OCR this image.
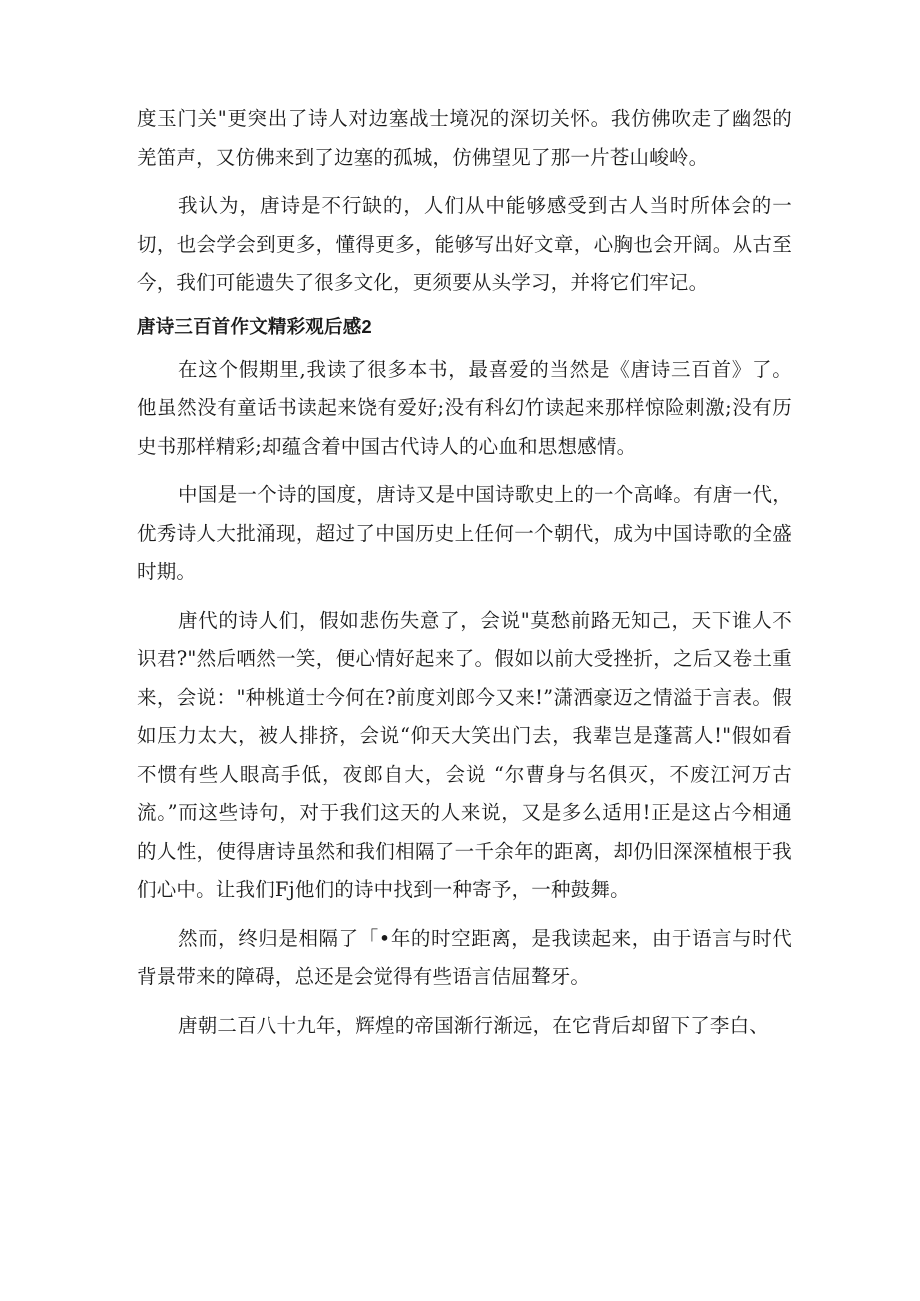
度玉门关"更突出了诗人对边塞战士境况的深切关怀。我仿佛吹走了幽怨的羌笛声，又仿佛来到了边塞的孤城，仿佛望见了那一片苍山峻岭。

我认为，唐诗是不行缺的，人们从中能够感受到古人当时所体会的一切，也会学会到更多，懂得更多，能够写出好文章，心胸也会开阔。从古至今，我们可能遗失了很多文化，更须要从头学习，并将它们牢记。

唐诗三百首作文精彩观后感2

在这个假期里,我读了很多本书，最喜爱的当然是《唐诗三百首》了。他虽然没有童话书读起来饶有爱好;没有科幻竹读起来那样惊险刺激;没有历史书那样精彩;却蕴含着中国古代诗人的心血和思想感情。

中国是一个诗的国度，唐诗又是中国诗歌史上的一个高峰。有唐一代，优秀诗人大批涌现，超过了中国历史上任何一个朝代，成为中国诗歌的全盛时期。

唐代的诗人们，假如悲伤失意了，会说"莫愁前路无知己，天下谁人不识君?"然后哂然一笑，便心情好起来了。假如以前大受挫折，之后又卷土重来，会说："种桃道士今何在?前度刘郎今又来!”潇洒豪迈之情溢于言表。假如压力太大，被人排挤，会说“仰天大笑出门去，我辈岂是蓬蒿人!"假如看不惯有些人眼高手低，夜郎自大，会说 “尔曹身与名俱灭，不废江河万古流。”而这些诗句，对于我们这天的人来说，又是多么适用!正是这占今相通的人性，使得唐诗虽然和我们相隔了一千余年的距离，却仍旧深深植根于我们心中。让我们Fj他们的诗中找到一种寄予，一种鼓舞。

然而，终归是相隔了「•年的时空距离，是我读起来，由于语言与时代背景带来的障碍，总还是会觉得有些语言佶屈聱牙。

唐朝二百八十九年，辉煌的帝国渐行渐远，在它背后却留下了李白、
